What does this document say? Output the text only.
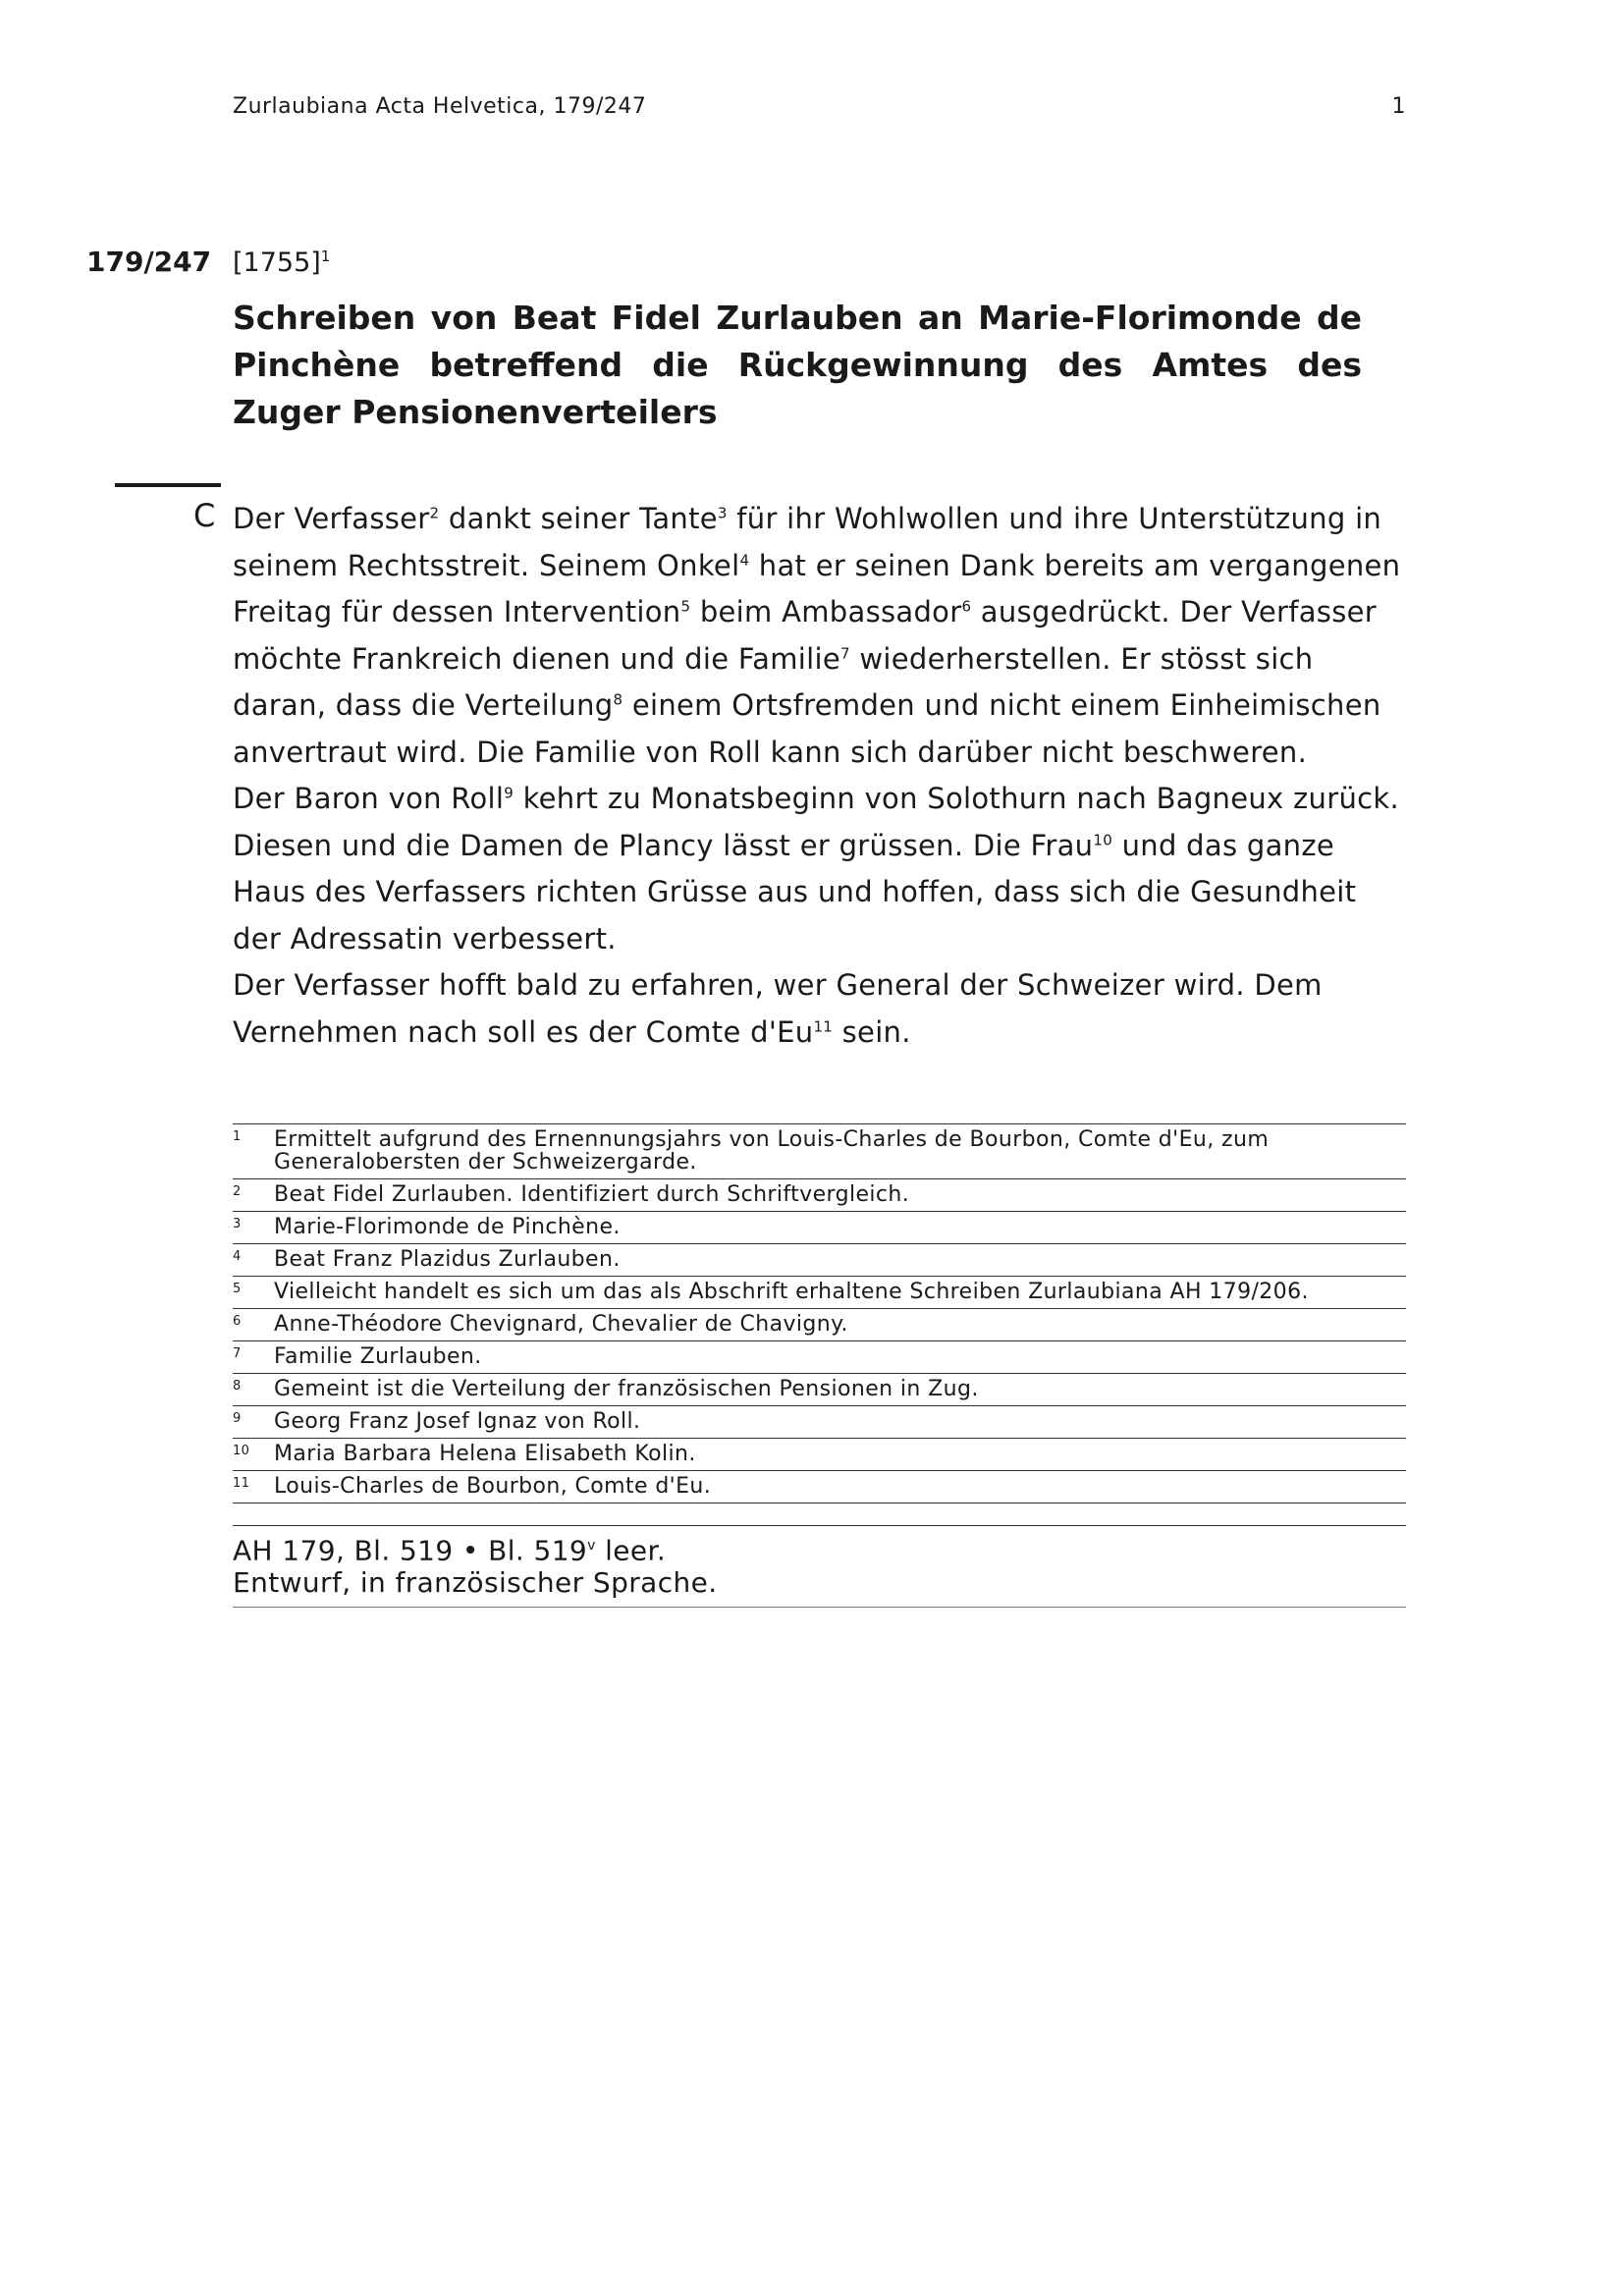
Zurlaubiana Acta Helvetica, 179/247	1
179/247 $[1755]^1$
Schreiben von Beat Fidel Zurlauben an Marie-Florimonde de Pinchène betreffend die Rückgewinnung des Amtes des Zuger Pensionenverteilers
C Der Verfasser$^2$ dankt seiner Tante$^3$ für ihr Wohlwollen und ihre Unterstützung in seinem Rechtsstreit. Seinem Onkel$^4$ hat er seinen Dank bereits am vergangenen Freitag für dessen Intervention$^5$ beim Ambassador$^6$ ausgedrückt. Der Verfasser möchte Frankreich dienen und die Familie$^7$ wiederherstellen. Er stösst sich daran, dass die Verteilung$^8$ einem Ortsfremden und nicht einem Einheimischen anvertraut wird. Die Familie von Roll kann sich darüber nicht beschweren.
Der Baron von Roll$^9$ kehrt zu Monatsbeginn von Solothurn nach Bagneux zurück. Diesen und die Damen de Plancy lässt er grüssen. Die Frau$^{10}$ und das ganze Haus des Verfassers richten Grüsse aus und hoffen, dass sich die Gesundheit der Adressatin verbessert.
Der Verfasser hofft bald zu erfahren, wer General der Schweizer wird. Dem Vernehmen nach soll es der Comte d'Eu$^{11}$ sein.
1 Ermittelt aufgrund des Ernennungsjahrs von Louis-Charles de Bourbon, Comte d'Eu, zum Generalobersten der Schweizergarde.
2 Beat Fidel Zurlauben. Identifiziert durch Schriftvergleich.
3 Marie-Florimonde de Pinchène.
4 Beat Franz Plazidus Zurlauben.
5 Vielleicht handelt es sich um das als Abschrift erhaltene Schreiben Zurlaubiana AH 179/206.
6 Anne-Théodore Chevignard, Chevalier de Chavigny.
7 Familie Zurlauben.
8 Gemeint ist die Verteilung der französischen Pensionen in Zug.
9 Georg Franz Josef Ignaz von Roll.
10 Maria Barbara Helena Elisabeth Kolin.
11 Louis-Charles de Bourbon, Comte d'Eu.
AH 179, Bl. 519 • Bl. 519$^v$ leer.
Entwurf, in französischer Sprache.
